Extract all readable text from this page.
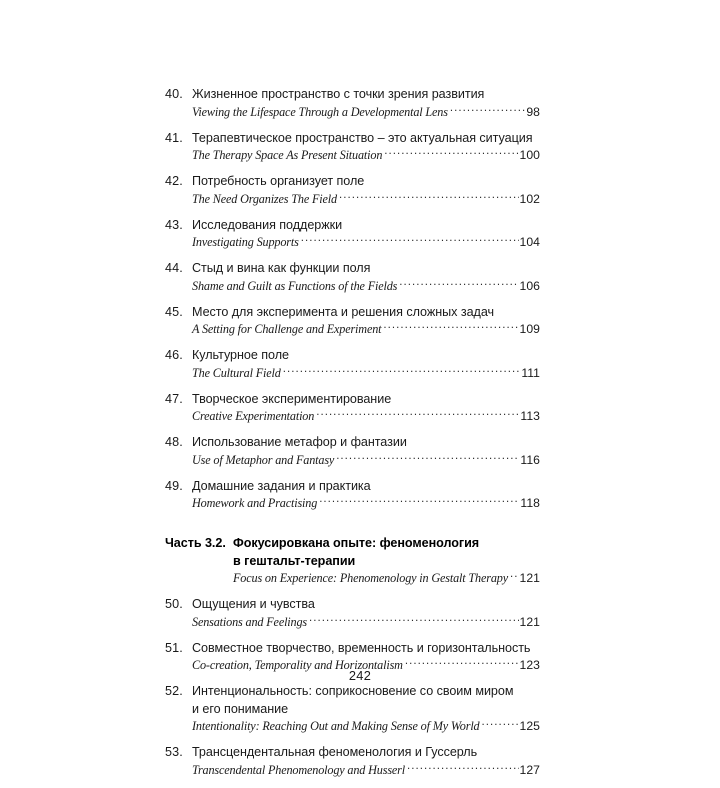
40. Жизненное пространство с точки зрения развития
Viewing the Lifespace Through a Developmental Lens .....	98
41. Терапевтическое пространство – это актуальная ситуация
The Therapy Space As Present Situation .....	100
42. Потребность организует поле
The Need Organizes The Field .....	102
43. Исследования поддержки
Investigating Supports .....	104
44. Стыд и вина как функции поля
Shame and Guilt as Functions of the Fields .....	106
45. Место для эксперимента и решения сложных задач
A Setting for Challenge and Experiment .....	109
46. Культурное поле
The Cultural Field .....	111
47. Творческое экспериментирование
Creative Experimentation .....	113
48. Использование метафор и фантазии
Use of Metaphor and Fantasy .....	116
49. Домашние задания и практика
Homework and Practising .....	118
Часть 3.2. Фокусировкана опыте: феноменология
в гештальт-терапии
Focus on Experience: Phenomenology in Gestalt Therapy ..... 121
50. Ощущения и чувства
Sensations and Feelings .....	121
51. Совместное творчество, временность и горизонтальность
Co-creation, Temporality and Horizontalism .....	123
52. Интенциональность: соприкосновение со своим миром
и его понимание
Intentionality: Reaching Out and Making Sense of My World .....	125
53. Трансцендентальная феноменология и Гуссерль
Transcendental Phenomenology and Husserl .....	127
242
